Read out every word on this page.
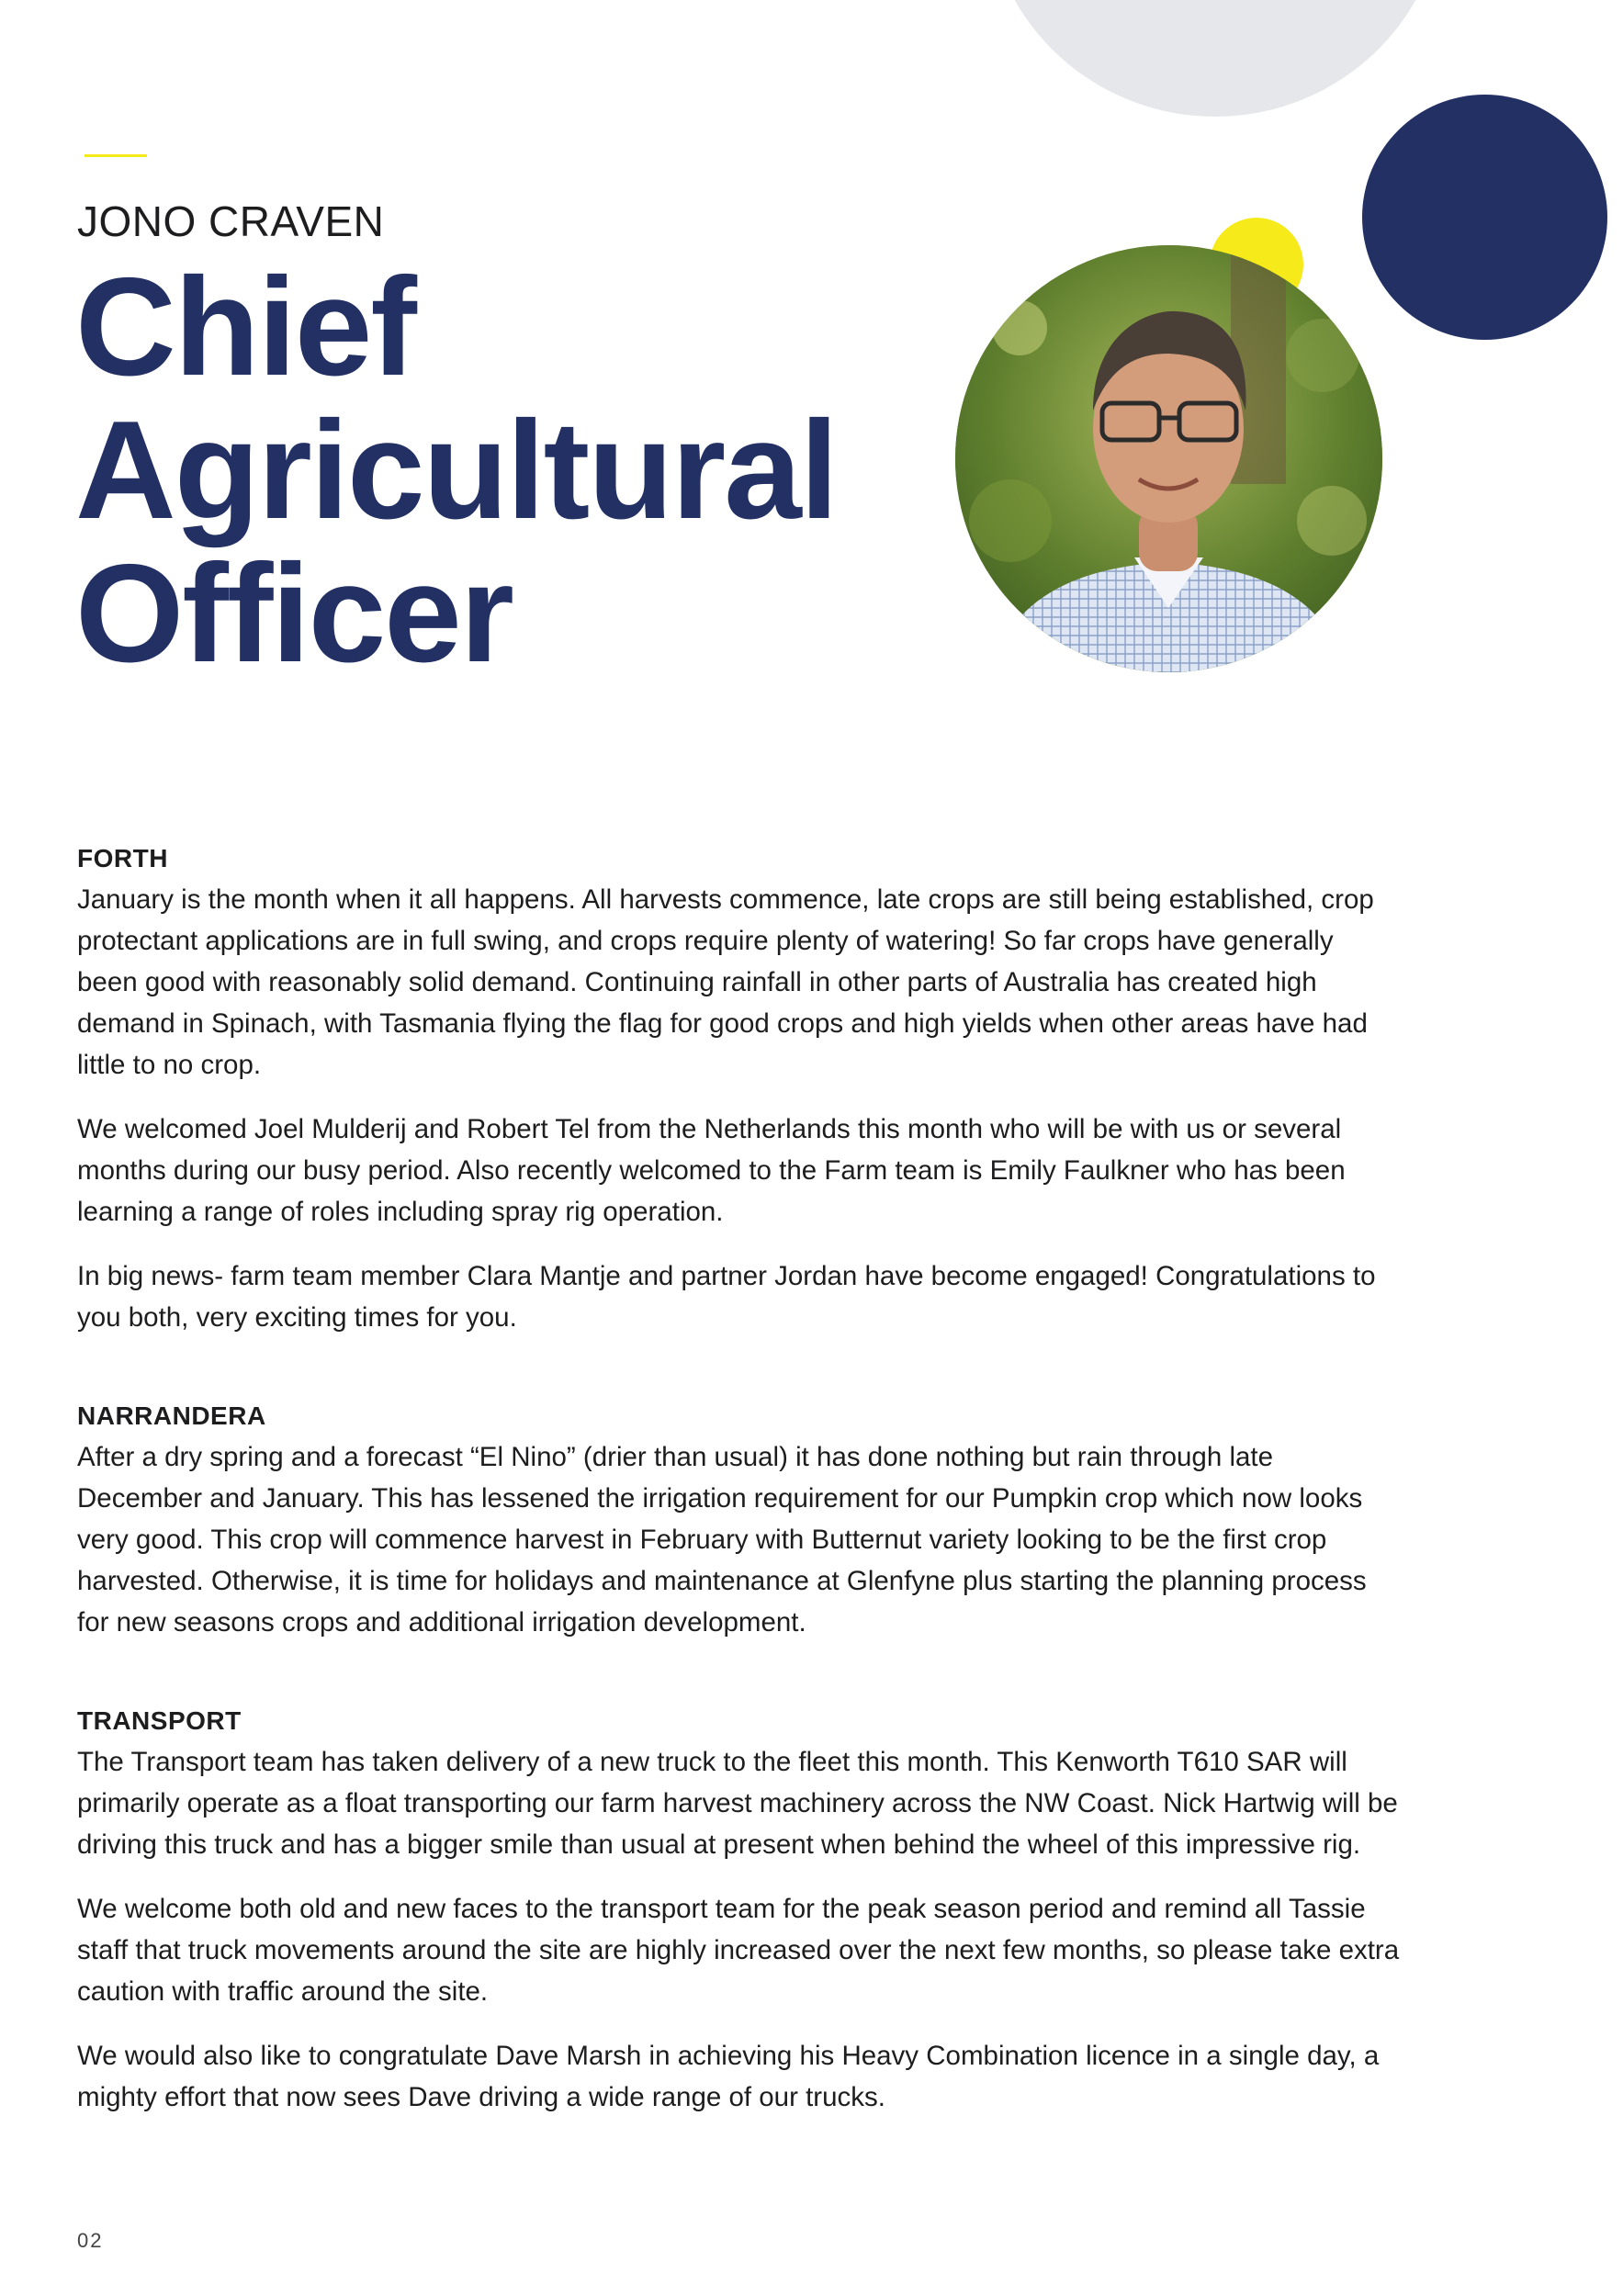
JONO CRAVEN
Chief
Agricultural
Officer
FORTH

January is the month when it all happens. All harvests commence, late crops are still being established, crop protectant applications are in full swing, and crops require plenty of watering! So far crops have generally been good with reasonably solid demand. Continuing rainfall in other parts of Australia has created high demand in Spinach, with Tasmania flying the flag for good crops and high yields when other areas have had little to no crop.

We welcomed Joel Mulderij and Robert Tel from the Netherlands this month who will be with us or several months during our busy period. Also recently welcomed to the Farm team is Emily Faulkner who has been learning a range of roles including spray rig operation.

In big news- farm team member Clara Mantje and partner Jordan have become engaged! Congratulations to you both, very exciting times for you.

NARRANDERA

After a dry spring and a forecast “El Nino” (drier than usual) it has done nothing but rain through late December and January. This has lessened the irrigation requirement for our Pumpkin crop which now looks very good. This crop will commence harvest in February with Butternut variety looking to be the first crop harvested. Otherwise, it is time for holidays and maintenance at Glenfyne plus starting the planning process for new seasons crops and additional irrigation development.

TRANSPORT

The Transport team has taken delivery of a new truck to the fleet this month. This Kenworth T610 SAR will primarily operate as a float transporting our farm harvest machinery across the NW Coast. Nick Hartwig will be driving this truck and has a bigger smile than usual at present when behind the wheel of this impressive rig.

We welcome both old and new faces to the transport team for the peak season period and remind all Tassie staff that truck movements around the site are highly increased over the next few months, so please take extra caution with traffic around the site.

We would also like to congratulate Dave Marsh in achieving his Heavy Combination licence in a single day, a mighty effort that now sees Dave driving a wide range of our trucks.

02
